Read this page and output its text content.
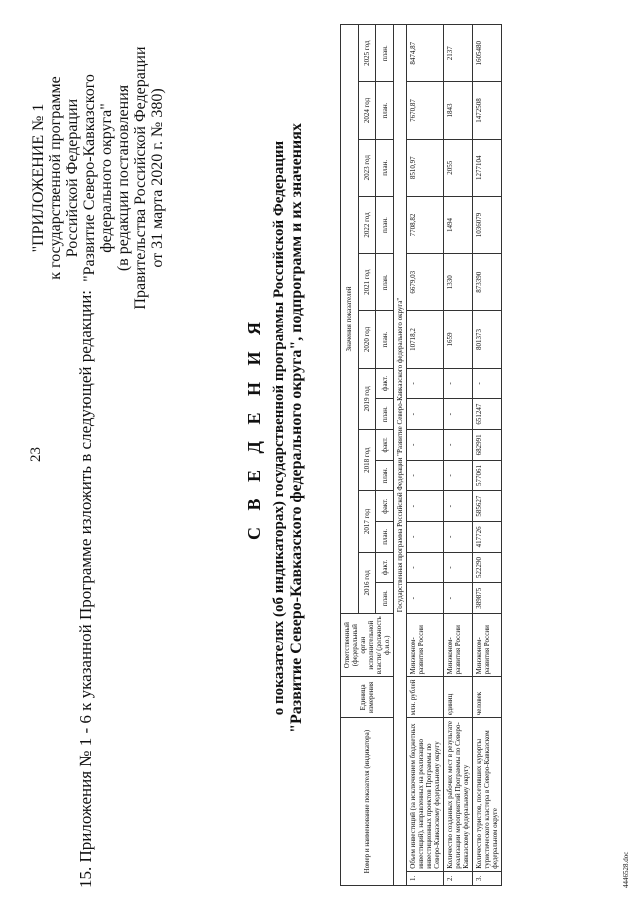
23 15. Приложения № 1 - 6 к указанной Программе изложить в следующей редакции:
"ПРИЛОЖЕНИЕ № 1 к государственной программе Российской Федерации "Развитие Северо-Кавказского федерального округа" (в редакции постановления Правительства Российской Федерации от 31 марта 2020 г. № 380)
С В Е Д Е Н И Я о показателях (об индикаторах) государственной программы Российской Федерации "Развитие Северо-Кавказского федерального округа", подпрограмм и их значениях
Номер и наименование показателя (индикатора)		Единица измерения	Ответственный (федеральный орган исполнительной власти/ (должность ф.и.о.)	Значения показателей													
				2016 год		2017 год		2018 год		2019 год		2020 год	2021 год	2022 год	2023 год	2024 год	2025 год
				план.	факт.	план.	факт.	план.	факт.	план.	факт.	план.	план.	план.	план.	план.	план.
Государственная программа Российской Федерации "Развитие Северо-Кавказского федерального округа"																	
1.	Объем инвестиций (за исключением бюджетных инвестиций), направленных на реализацию инвестиционных проектов Программы по Северо-Кавказскому федеральному округу	млн. рублей	Минэконом-развития России	-	-	-	-	-	-	-	-	10718,2	6679,03	7708,82	8510,97	7670,87	8474,87
2.	Количество созданных рабочих мест в результате реализации мероприятий Программы по Северо-Кавказскому федеральному округу	единиц	Минэконом-развития России	-	-	-	-	-	-	-	-	1659	1330	1494	2055	1843	2137
3.	Количество туристов, посетивших курорты туристического кластера в Северо-Кавказском федеральном округе	человек	Минэконом-развития России	389875	522290	417726	585627	577061	682991	651247	-	801373	873390	1036079	1277104	1472508	1605480
4446528.doc
